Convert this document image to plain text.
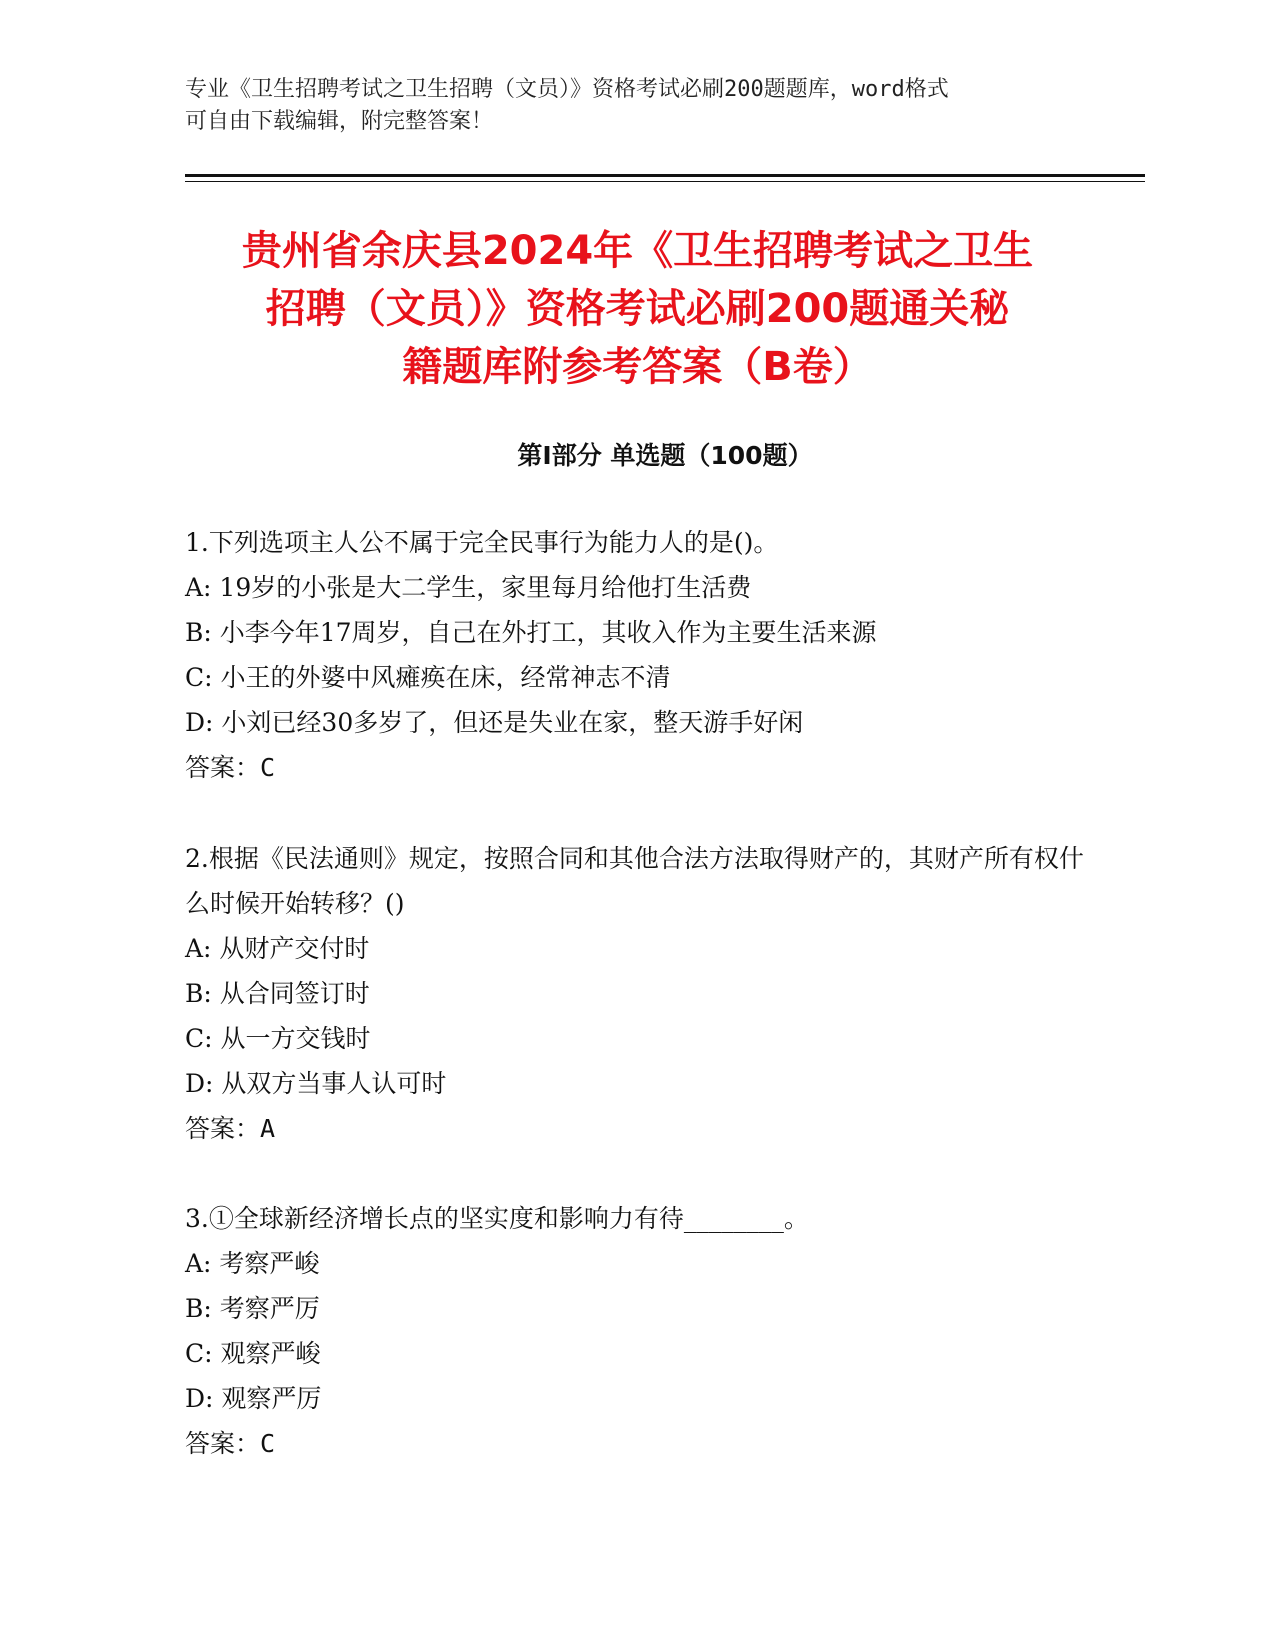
专业《卫生招聘考试之卫生招聘（文员）》资格考试必刷200题题库，word格式
可自由下载编辑，附完整答案！
贵州省余庆县2024年《卫生招聘考试之卫生
招聘（文员）》资格考试必刷200题通关秘
籍题库附参考答案（B卷）
第I部分 单选题（100题）
1.下列选项主人公不属于完全民事行为能力人的是()。
A: 19岁的小张是大二学生，家里每月给他打生活费
B: 小李今年17周岁，自己在外打工，其收入作为主要生活来源
C: 小王的外婆中风瘫痪在床，经常神志不清
D: 小刘已经30多岁了，但还是失业在家，整天游手好闲
答案：C
2.根据《民法通则》规定，按照合同和其他合法方法取得财产的，其财产所有权什么时候开始转移？()
A: 从财产交付时
B: 从合同签订时
C: 从一方交钱时
D: 从双方当事人认可时
答案：A
3.①全球新经济增长点的坚实度和影响力有待________。
A: 考察严峻
B: 考察严厉
C: 观察严峻
D: 观察严厉
答案：C
